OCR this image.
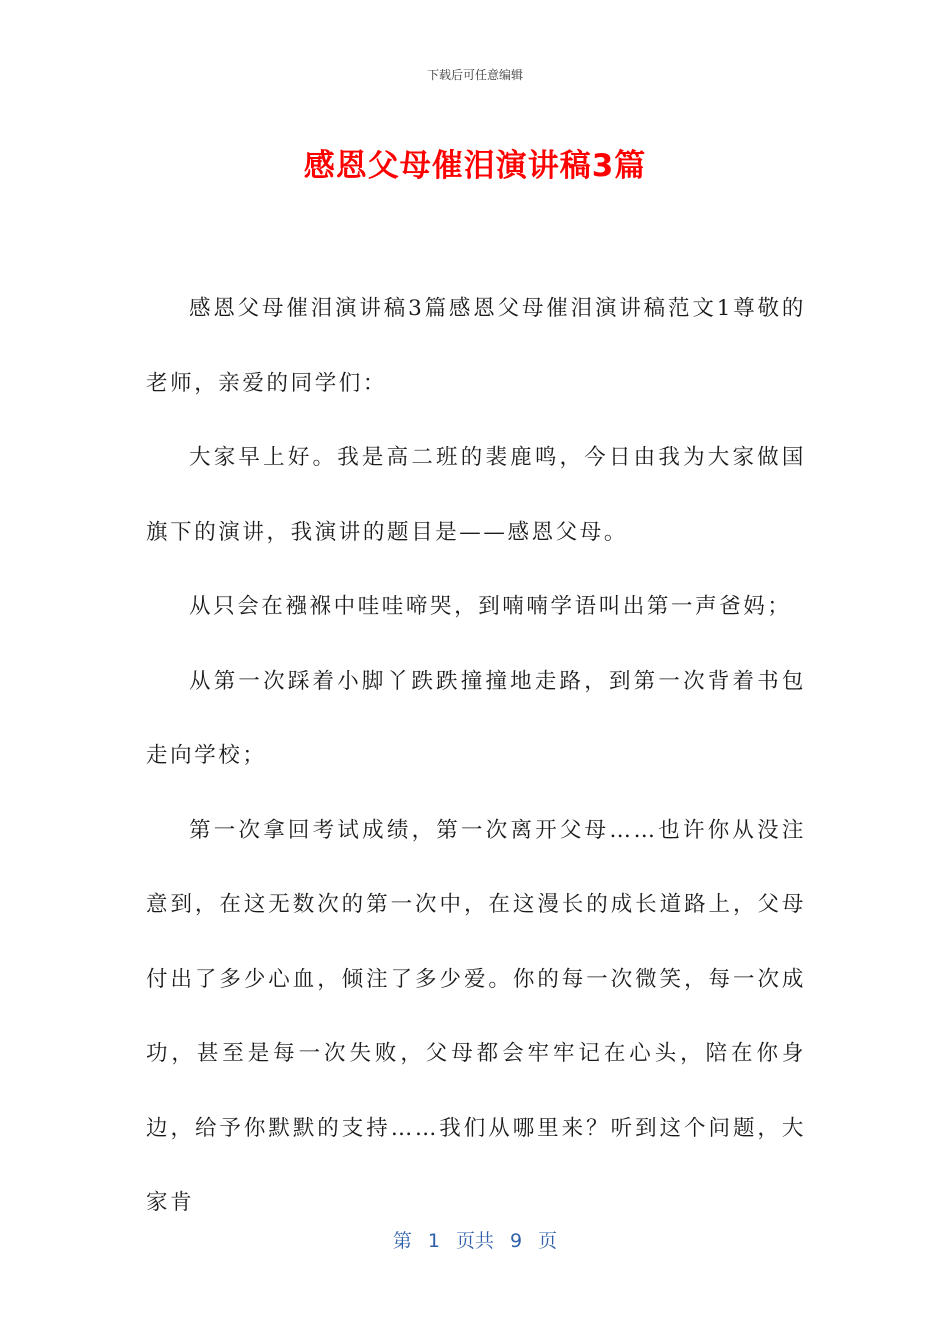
下载后可任意编辑
感恩父母催泪演讲稿3篇

感恩父母催泪演讲稿3篇感恩父母催泪演讲稿范文1尊敬的老师，亲爱的同学们：

大家早上好。我是高二班的裴鹿鸣，今日由我为大家做国旗下的演讲，我演讲的题目是——感恩父母。

从只会在襁褓中哇哇啼哭，到喃喃学语叫出第一声爸妈；

从第一次踩着小脚丫跌跌撞撞地走路，到第一次背着书包走向学校；

第一次拿回考试成绩，第一次离开父母……也许你从没注意到，在这无数次的第一次中，在这漫长的成长道路上，父母付出了多少心血，倾注了多少爱。你的每一次微笑，每一次成功，甚至是每一次失败，父母都会牢牢记在心头，陪在你身边，给予你默默的支持……我们从哪里来？听到这个问题，大家肯

第 1 页共 9 页
